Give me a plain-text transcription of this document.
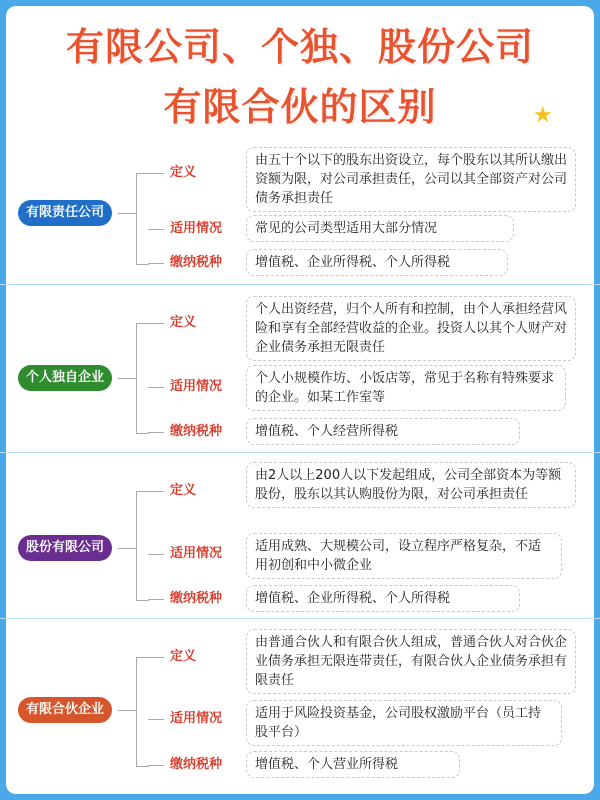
有限公司、个独、股份公司
有限合伙的区别	★
有限责任公司
定义
适用情况
缴纳税种
由五十个以下的股东出资设立，每个股东以其所认缴出资额为限，对公司承担责任，公司以其全部资产对公司债务承担责任
常见的公司类型适用大部分情况
增值税、企业所得税、个人所得税
个人独自企业
定义
适用情况
缴纳税种
个人出资经营，归个人所有和控制，由个人承担经营风险和享有全部经营收益的企业。投资人以其个人财产对企业债务承担无限责任
个人小规模作坊、小饭店等，常见于名称有特殊要求的企业。如某工作室等
增值税、个人经营所得税
股份有限公司
定义
适用情况
缴纳税种
由2人以上200人以下发起组成，公司全部资本为等额股份，股东以其认购股份为限，对公司承担责任
适用成熟、大规模公司，设立程序严格复杂，不适用初创和中小微企业
增值税、企业所得税、个人所得税
有限合伙企业
定义
适用情况
缴纳税种
由普通合伙人和有限合伙人组成，普通合伙人对合伙企业债务承担无限连带责任，有限合伙人企业债务承担有限责任
适用于风险投资基金，公司股权激励平台（员工持股平台）
增值税、个人营业所得税
